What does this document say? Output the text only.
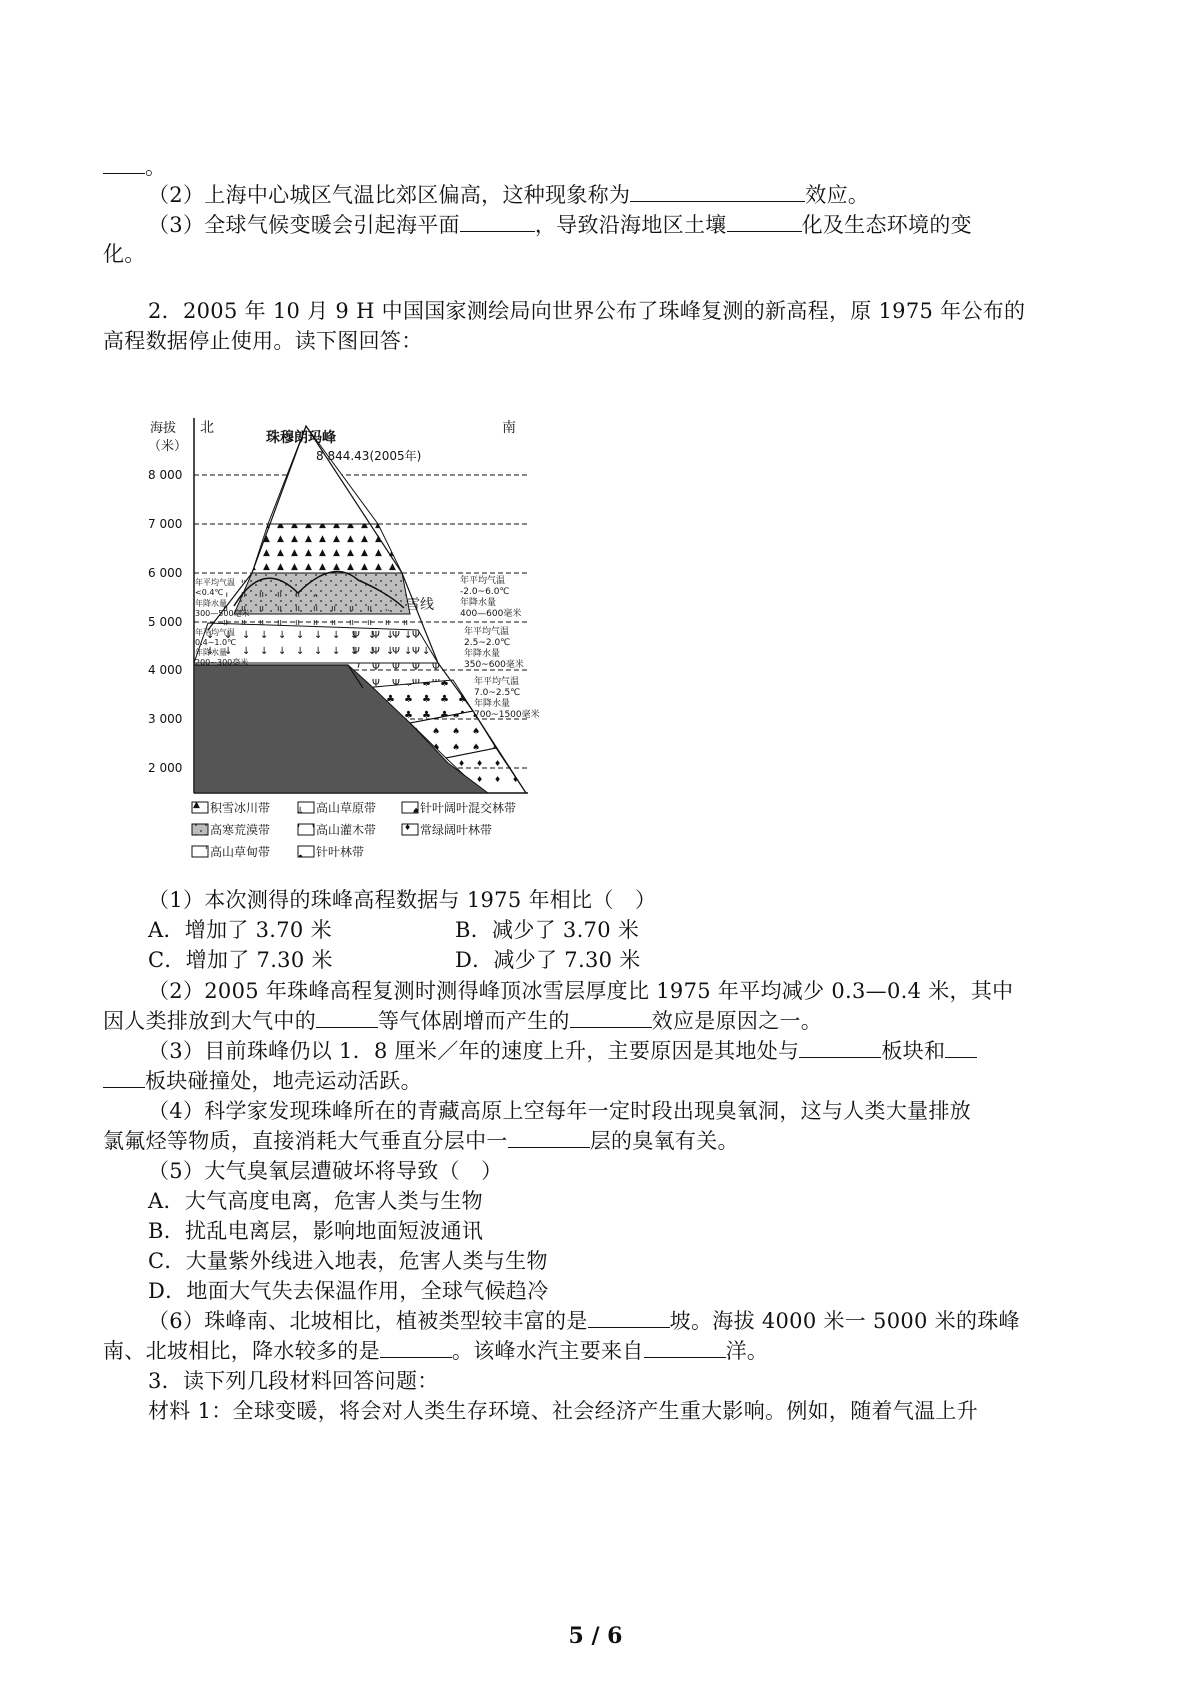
。
（2）上海中心城区气温比郊区偏高，这种现象称为	效应。
（3）全球气候变暖会引起海平面	，导致沿海地区土壤	化及生态环境的变
化。
2．2005 年 10 月 9 H 中国国家测绘局向世界公布了珠峰复测的新高程，原 1975 年公布的
高程数据停止使用。读下图回答：
海拔
（米）
北	南
珠穆朗玛峰
8 844.43(2005年)
雪线
8 000
7 000
6 000
5 000
4 000
3 000
2 000
年平均气温
<0.4℃
年降水量
300—500毫米
年平均气温
0.4~1.0℃
年降水量
200~300毫米
年平均气温
-2.0~6.0℃
年降水量
400—600毫米
年平均气温
2.5~2.0℃
年降水量
350~600毫米
年平均气温
7.0~2.5℃
年降水量
700~1500毫米
积雪冰川带	高山草原带	针叶阔叶混交林带
高寒荒漠带	高山灌木带	常绿阔叶林带
高山草甸带	针叶林带
（1）本次测得的珠峰高程数据与 1975 年相比（　）
A．增加了 3.70 米	B．减少了 3.70 米
C．增加了 7.30 米	D．减少了 7.30 米
（2）2005 年珠峰高程复测时测得峰顶冰雪层厚度比 1975 年平均减少 0.3—0.4 米，其中
因人类排放到大气中的	等气体剧增而产生的	效应是原因之一。
（3）目前珠峰仍以 1．8 厘米／年的速度上升，主要原因是其地处与	板块和
板块碰撞处，地壳运动活跃。
（4）科学家发现珠峰所在的青藏高原上空每年一定时段出现臭氧洞，这与人类大量排放
氯氟烃等物质，直接消耗大气垂直分层中一	层的臭氧有关。
（5）大气臭氧层遭破坏将导致（　）
A．大气高度电离，危害人类与生物
B．扰乱电离层，影响地面短波通讯
C．大量紫外线进入地表，危害人类与生物
D．地面大气失去保温作用，全球气候趋冷
（6）珠峰南、北坡相比，植被类型较丰富的是	坡。海拔 4000 米一 5000 米的珠峰
南、北坡相比，降水较多的是	。该峰水汽主要来自	洋。
3．读下列几段材料回答问题：
材料 1：全球变暖，将会对人类生存环境、社会经济产生重大影响。例如，随着气温上升
5 / 6
